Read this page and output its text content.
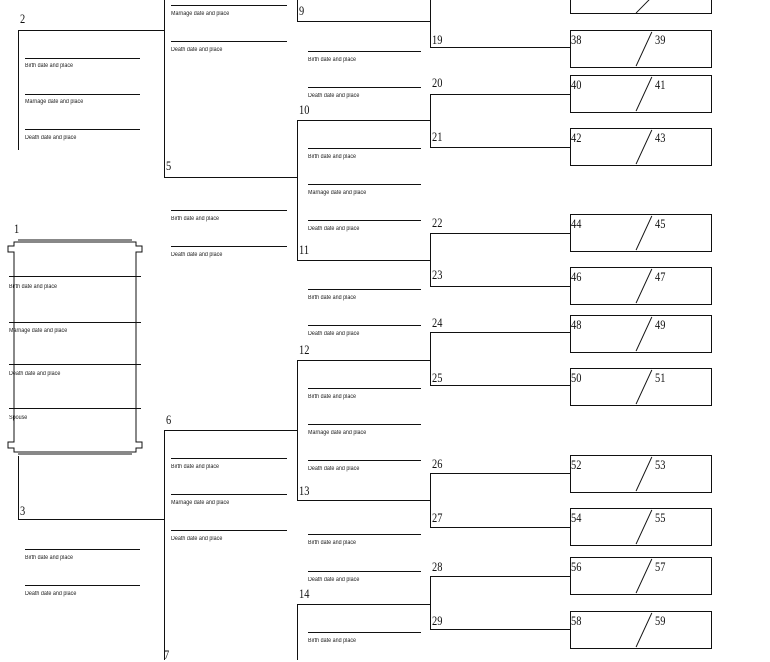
1
Birth date and place
Marriage date and place
Death date and place
Spouse
2
Birth date and place
Marriage date and place
Death date and place
3
Birth date and place
Death date and place
Marriage date and place
Death date and place
5
Birth date and place
Death date and place
6
Birth date and place
Marriage date and place
Death date and place
7
9
Birth date and place
Death date and place
10
Birth date and place
Marriage date and place
Death date and place
11
Birth date and place
Death date and place
12
Birth date and place
Marriage date and place
Death date and place
13
Birth date and place
Death date and place
14
Birth date and place
19
20
21
22
23
24
25
26
27
28
29
38	39
40	41
42	43
44	45
46	47
48	49
50	51
52	53
54	55
56	57
58	59
